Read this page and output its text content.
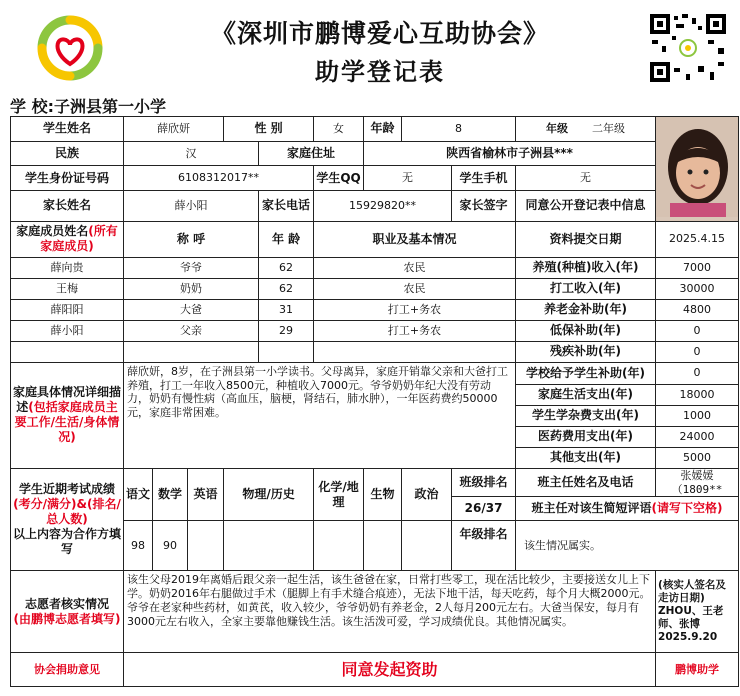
《深圳市鹏博爱心互助协会》
助学登记表
学 校:子洲县第一小学
学生姓名	薛欣妍			性 别		女	年龄	8		年级 二年级	
民族	汉				家庭住址		陕西省榆林市子洲县***				
学生身份证号码	6108312017**					学生QQ	无		学生手机	无	
家长姓名	薛小阳				家长电话	15929820**			家长签字	同意公开登记表中信息	
家庭成员姓名(所有家庭成员)	称 呼				年 龄	职业及基本情况				资料提交日期	2025.4.15
薛向贵	爷爷				62	农民				养殖(种植)收入(年)	7000
王梅	奶奶				62	农民				打工收入(年)	30000
薛阳阳	大爸				31	打工+务农				养老金补助(年)	4800
薛小阳	父亲				29	打工+务农				低保补助(年)	0
										残疾补助(年)	0
家庭具体情况详细描述(包括家庭成员主要工作/生活/身体情况)	薛欣妍，8岁，在子洲县第一小学读书。父母离异，家庭开销靠父亲和大爸打工养殖，打工一年收入8500元，种植收入7000元。爷爷奶奶年纪大没有劳动力，奶奶有慢性病（高血压，脑梗，肾结石，肺水肿），一年医药费约50000元，家庭非常困难。									学校给予学生补助(年)	0
										家庭生活支出(年)	18000
										学生学杂费支出(年)	1000
										医药费用支出(年)	24000
										其他支出(年)	5000
学生近期考试成绩
(考分/满分)&(排名/总人数)
以上内容为合作方填写	语文	数学	英语	物理/历史		化学/地理	生物	政治	班级排名	班主任姓名及电话	张媛媛（1809**
									26/37	班主任对该生简短评语(请写下空格)	
	98	90							年级排名	该生情况属实。	
志愿者核实情况
(由鹏博志愿者填写)	该生父母2019年离婚后跟父亲一起生活，该生爸爸在家，日常打些零工，现在活比较少，主要接送女儿上下学。奶奶2016年右腿做过手术（腿脚上有手术缝合痕迹），无法下地干活，每天吃药，每个月大概2000元。爷爷在老家种些药材，如黄芪，收入较少，爷爷奶奶有养老金，2人每月200元左右。大爸当保安，每月有3000元左右收入，全家主要靠他赚钱生活。该生活泼可爱，学习成绩优良。其他情况属实。										(核实人签名及走访日期)
ZHOU、王老师、张博
2025.9.20
协会捐助意见	同意发起资助										鹏博助学
